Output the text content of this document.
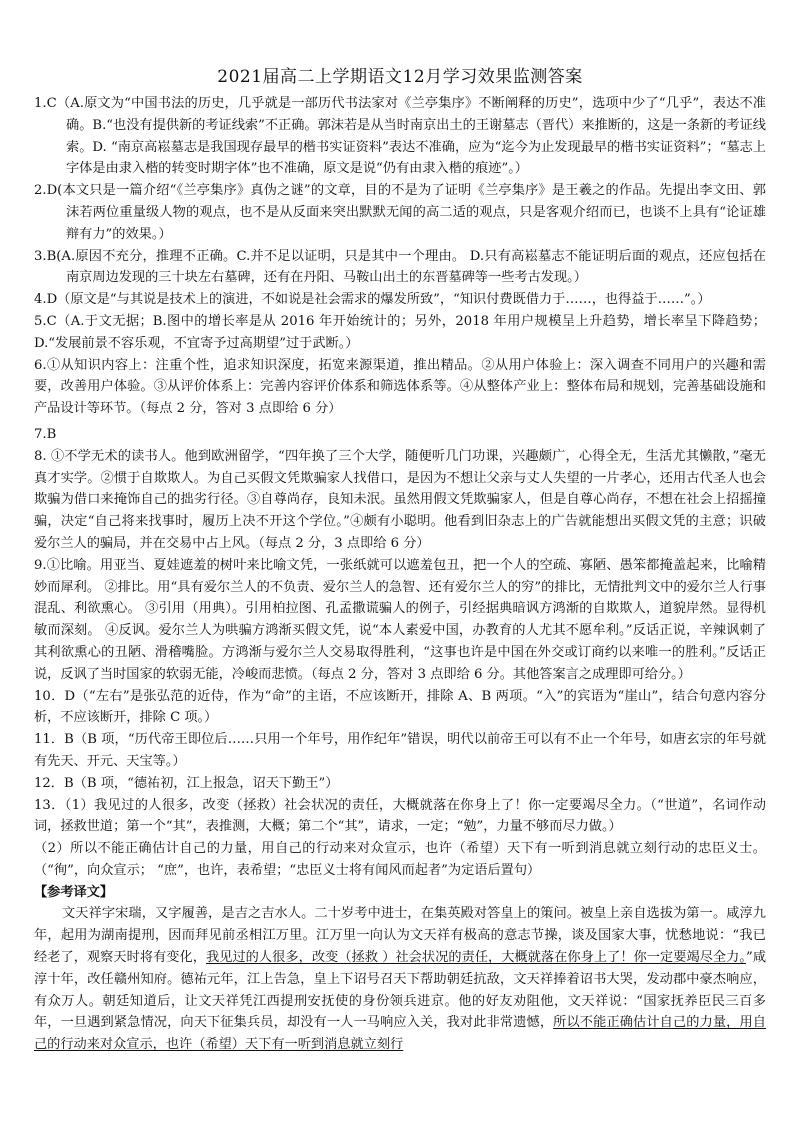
2021届高二上学期语文12月学习效果监测答案

1.C（A.原文为“中国书法的历史，几乎就是一部历代书法家对《兰亭集序》不断阐释的历史”，选项中少了“几乎”，表达不准确。B.“也没有提供新的考证线索”不正确。郭沫若是从当时南京出土的王谢墓志（晋代）来推断的，这是一条新的考证线索。D. “南京高崧墓志是我国现存最早的楷书实证资料”表达不准确，应为“迄今为止发现最早的楷书实证资料”；“墓志上字体是由隶入楷的转变时期字体”也不准确，原文是说“仍有由隶入楷的痕迹”。）

2.D(本文只是一篇介绍“《兰亭集序》真伪之谜”的文章，目的不是为了证明《兰亭集序》是王羲之的作品。先提出李文田、郭沫若两位重量级人物的观点，也不是从反面来突出默默无闻的高二适的观点，只是客观介绍而已，也谈不上具有“论证雄辩有力”的效果。）

3.B(A.原因不充分，推理不正确。C.并不足以证明，只是其中一个理由。 D.只有高崧墓志不能证明后面的观点，还应包括在南京周边发现的三十块左右墓碑，还有在丹阳、马鞍山出土的东晋墓碑等一些考古发现。）

4.D（原文是“与其说是技术上的演进，不如说是社会需求的爆发所致”，“知识付费既借力于……，也得益于……”。）

5.C（A.于文无据；B.图中的增长率是从 2016 年开始统计的；另外，2018 年用户规模呈上升趋势，增长率呈下降趋势；D.“发展前景不容乐观，不宜寄予过高期望”过于武断。）

6.①从知识内容上：注重个性，追求知识深度，拓宽来源渠道，推出精品。②从用户体验上：深入调查不同用户的兴趣和需要，改善用户体验。③从评价体系上：完善内容评价体系和筛选体系等。④从整体产业上：整体布局和规划，完善基础设施和产品设计等环节。（每点 2 分，答对 3 点即给 6 分）

7.B

8. ①不学无术的读书人。他到欧洲留学，“四年换了三个大学，随便听几门功课，兴趣颇广，心得全无，生活尤其懒散，”毫无真才实学。②惯于自欺欺人。为自己买假文凭欺骗家人找借口，是因为不想让父亲与丈人失望的一片孝心，还用古代圣人也会欺骗为借口来掩饰自己的拙劣行径。③自尊尚存，良知未泯。虽然用假文凭欺骗家人，但是自尊心尚存，不想在社会上招摇撞骗，决定“自己将来找事时，履历上决不开这个学位。”④颇有小聪明。他看到旧杂志上的广告就能想出买假文凭的主意；识破爱尔兰人的骗局，并在交易中占上风。（每点 2 分，3 点即给 6 分）

9.①比喻。用亚当、夏娃遮羞的树叶来比喻文凭，一张纸就可以遮羞包丑，把一个人的空疏、寡陋、愚笨都掩盖起来，比喻精妙而犀利。 ②排比。用“具有爱尔兰人的不负责、爱尔兰人的急智、还有爱尔兰人的穷”的排比，无情批判文中的爱尔兰人行事混乱、利欲熏心。 ③引用（用典）。引用柏拉图、孔孟撒谎骗人的例子，引经据典暗讽方鸿渐的自欺欺人，道貌岸然。显得机敏而深刻。 ④反讽。爱尔兰人为哄骗方鸿渐买假文凭，说“本人素爱中国，办教育的人尤其不愿牟利。”反话正说，辛辣讽刺了其利欲熏心的丑陋、滑稽嘴脸。方鸿渐与爱尔兰人交易取得胜利，“这事也许是中国在外交或订商约以来唯一的胜利。”反话正说，反讽了当时国家的软弱无能，冷峻而悲愤。（每点 2 分，答对 3 点即给 6 分。其他答案言之成理即可给分。）

10．D（“左右”是张弘范的近侍，作为“命”的主语，不应该断开，排除 A、B 两项。“入”的宾语为“崖山”，结合句意内容分析，不应该断开，排除 C 项。）

11．B（B 项，“历代帝王即位后……只用一个年号，用作纪年”错误，明代以前帝王可以有不止一个年号，如唐玄宗的年号就有先天、开元、天宝等。）

12．B（B 项，“德祐初，江上报急，诏天下勤王”）

13．（1）我见过的人很多，改变（拯救）社会状况的责任，大概就落在你身上了！你一定要竭尽全力。（“世道”，名词作动词，拯救世道；第一个“其”，表推测，大概；第二个“其”，请求，一定；“勉”，力量不够而尽力做。）

（2）所以不能正确估计自己的力量，用自己的行动来对众宣示，也许（希望）天下有一听到消息就立刻行动的忠臣义士。（“徇”，向众宣示； “庶”，也许，表希望；“忠臣义士将有闻风而起者”为定语后置句）

【参考译文】

文天祥字宋瑞，又字履善，是吉之吉水人。二十岁考中进士，在集英殿对答皇上的策问。被皇上亲自选拔为第一。咸淳九年，起用为湖南提刑，因而拜见前丞相江万里。江万里一向认为文天祥有极高的意志节操，谈及国家大事，忧愁地说：“我已经老了，观察天时将有变化，我见过的人很多，改变（拯救 ）社会状况的责任，大概就落在你身上了！你一定要竭尽全力。”咸淳十年，改任赣州知府。德祐元年，江上告急，皇上下诏号召天下帮助朝廷抗敌，文天祥捧着诏书大哭，发动郡中豪杰响应，有众万人。朝廷知道后，让文天祥凭江西提刑安抚使的身份领兵进京。他的好友劝阻他，文天祥说：“国家抚养臣民三百多年，一旦遇到紧急情况，向天下征集兵员，却没有一人一马响应入关，我对此非常遗憾，所以不能正确估计自己的力量，用自己的行动来对众宣示，也许（希望）天下有一听到消息就立刻行
